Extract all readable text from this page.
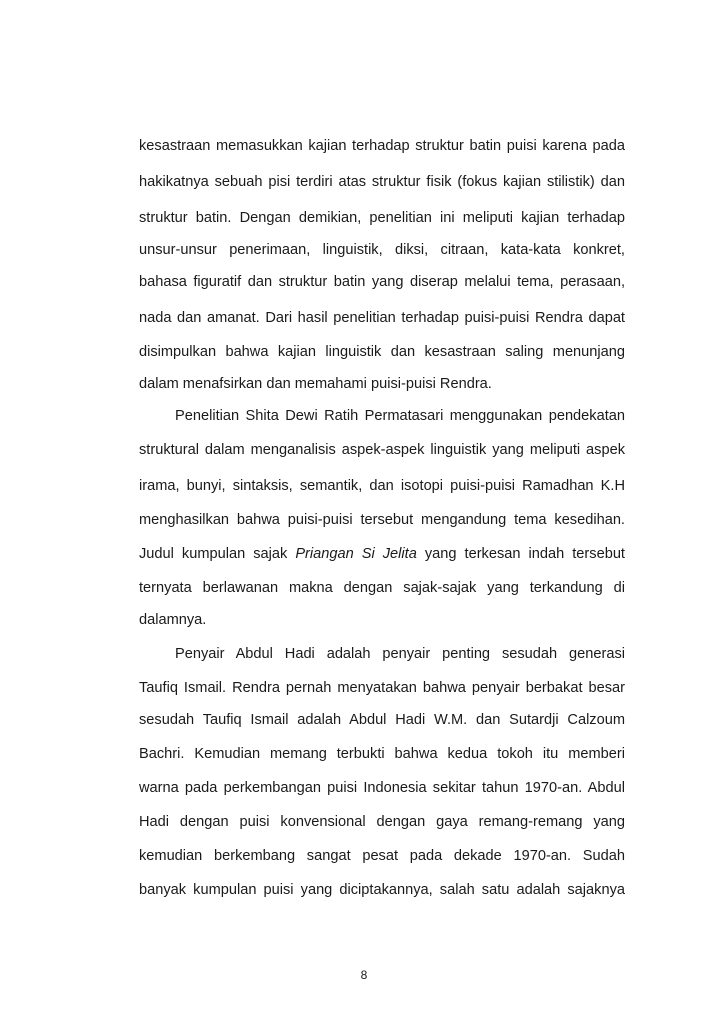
kesastraan memasukkan kajian terhadap struktur batin puisi karena pada
hakikatnya sebuah pisi terdiri atas struktur fisik (fokus kajian stilistik) dan
struktur batin. Dengan demikian, penelitian ini meliputi kajian terhadap
unsur-unsur penerimaan, linguistik, diksi, citraan, kata-kata konkret,
bahasa figuratif dan struktur batin yang diserap melalui tema, perasaan,
nada dan amanat. Dari hasil penelitian terhadap puisi-puisi Rendra dapat
disimpulkan bahwa kajian linguistik dan kesastraan saling menunjang
dalam menafsirkan dan memahami puisi-puisi Rendra.
Penelitian Shita Dewi Ratih Permatasari menggunakan pendekatan
struktural dalam menganalisis aspek-aspek linguistik yang meliputi aspek
irama, bunyi, sintaksis, semantik, dan isotopi puisi-puisi Ramadhan K.H
menghasilkan bahwa puisi-puisi tersebut mengandung tema kesedihan.
Judul kumpulan sajak Priangan Si Jelita yang terkesan indah tersebut
ternyata berlawanan makna dengan sajak-sajak yang terkandung di
dalamnya.
Penyair Abdul Hadi adalah penyair penting sesudah generasi
Taufiq Ismail. Rendra pernah menyatakan bahwa penyair berbakat besar
sesudah Taufiq Ismail adalah Abdul Hadi W.M. dan Sutardji Calzoum
Bachri. Kemudian memang terbukti bahwa kedua tokoh itu memberi
warna pada perkembangan puisi Indonesia sekitar tahun 1970-an. Abdul
Hadi dengan puisi konvensional dengan gaya remang-remang yang
kemudian berkembang sangat pesat pada dekade 1970-an. Sudah
banyak kumpulan puisi yang diciptakannya, salah satu adalah sajaknya
8
